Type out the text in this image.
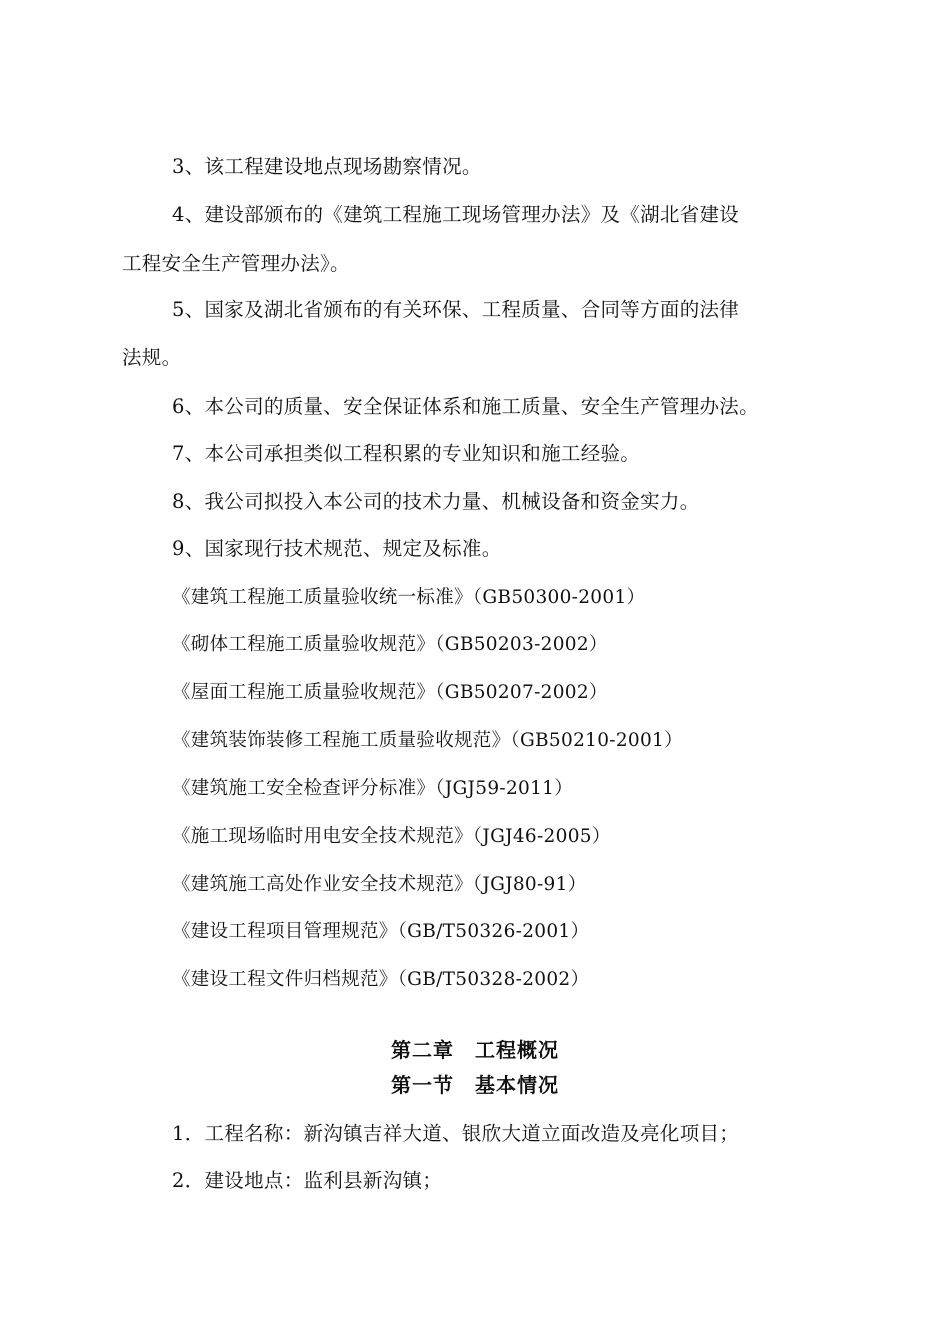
3、该工程建设地点现场勘察情况。
4、建设部颁布的《建筑工程施工现场管理办法》及《湖北省建设
工程安全生产管理办法》。
5、国家及湖北省颁布的有关环保、工程质量、合同等方面的法律
法规。
6、本公司的质量、安全保证体系和施工质量、安全生产管理办法。
7、本公司承担类似工程积累的专业知识和施工经验。
8、我公司拟投入本公司的技术力量、机械设备和资金实力。
9、国家现行技术规范、规定及标准。
《建筑工程施工质量验收统一标准》（GB50300-2001）
《砌体工程施工质量验收规范》（GB50203-2002）
《屋面工程施工质量验收规范》（GB50207-2002）
《建筑装饰装修工程施工质量验收规范》（GB50210-2001）
《建筑施工安全检查评分标准》（JGJ59-2011）
《施工现场临时用电安全技术规范》（JGJ46-2005）
《建筑施工高处作业安全技术规范》（JGJ80-91）
《建设工程项目管理规范》（GB/T50326-2001）
《建设工程文件归档规范》（GB/T50328-2002）
第二章　工程概况
第一节　基本情况
1．工程名称：新沟镇吉祥大道、银欣大道立面改造及亮化项目；
2．建设地点：监利县新沟镇；
